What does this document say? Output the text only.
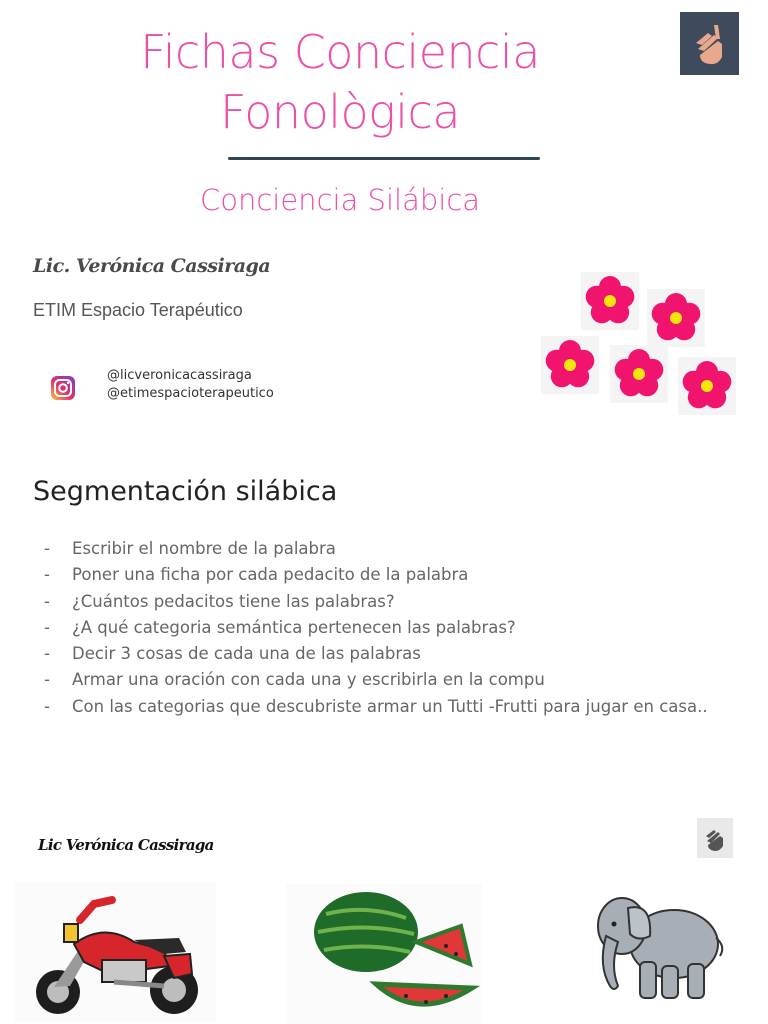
Fichas Conciencia
Fonològica
Conciencia Silábica
Lic. Verónica Cassiraga
ETIM Espacio Terapéutico
@licveronicacassiraga
@etimespacioterapeutico
Segmentación silábica
- Escribir el nombre de la palabra
- Poner una ficha por cada pedacito de la palabra
- ¿Cuántos pedacitos tiene las palabras?
- ¿A qué categoria semántica pertenecen las palabras?
- Decir 3 cosas de cada una de las palabras
- Armar una oración con cada una y escribirla en la compu
- Con las categorias que descubriste armar un Tutti -Frutti para jugar en casa..
Lic Verónica Cassiraga
